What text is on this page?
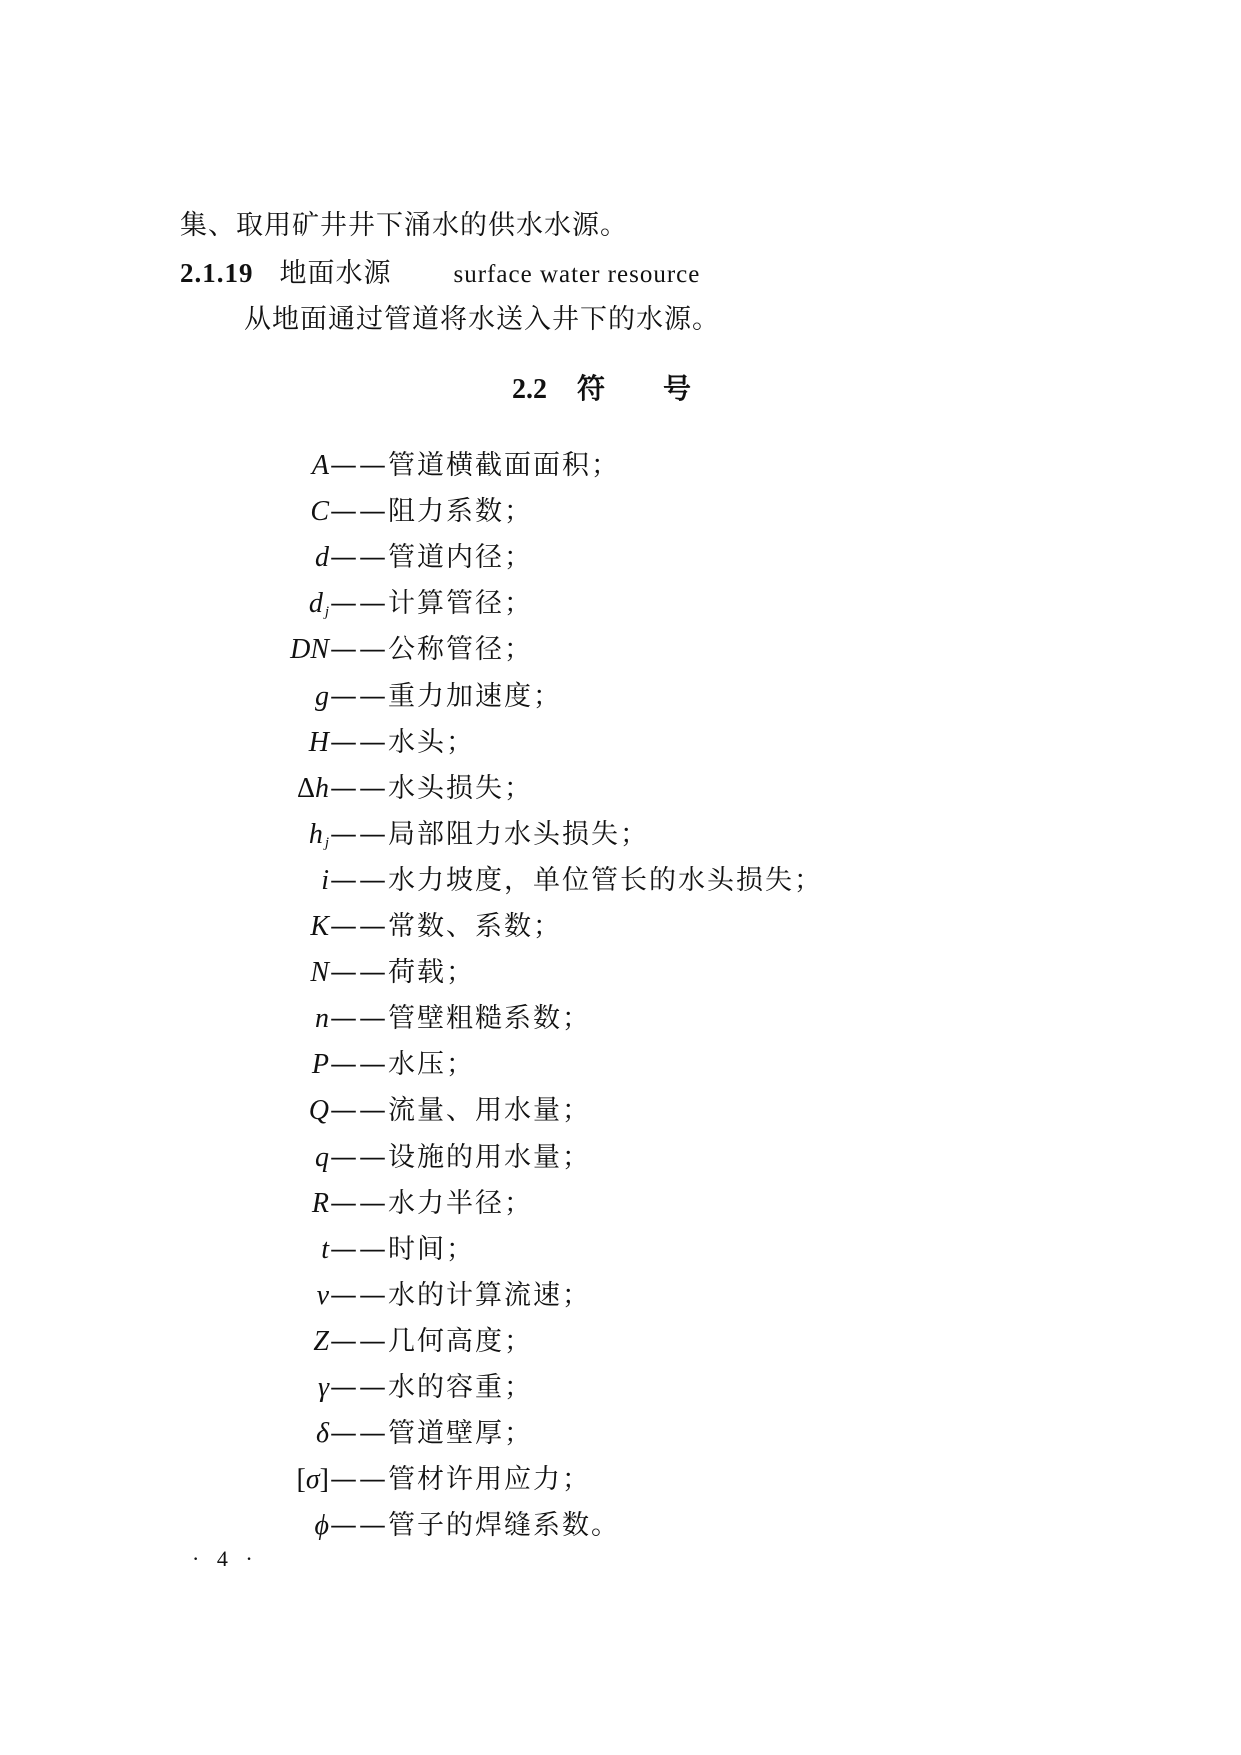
集、取用矿井井下涌水的供水水源。
2.1.19 地面水源 surface water resource
从地面通过管道将水送入井下的水源。
2.2 符 号
A ——管道横截面面积；
C ——阻力系数；
d ——管道内径；
d $_j$ ——计算管径；
DN ——公称管径；
g ——重力加速度；
H ——水头；
Δh ——水头损失；
h $_j$ ——局部阻力水头损失；
i ——水力坡度，单位管长的水头损失；
K ——常数、系数；
N ——荷载；
n ——管壁粗糙系数；
P ——水压；
Q ——流量、用水量；
q ——设施的用水量；
R ——水力半径；
t ——时间；
v ——水的计算流速；
Z ——几何高度；
γ ——水的容重；
δ ——管道壁厚；
[σ] ——管材许用应力；
ϕ ——管子的焊缝系数。
· 4 ·
